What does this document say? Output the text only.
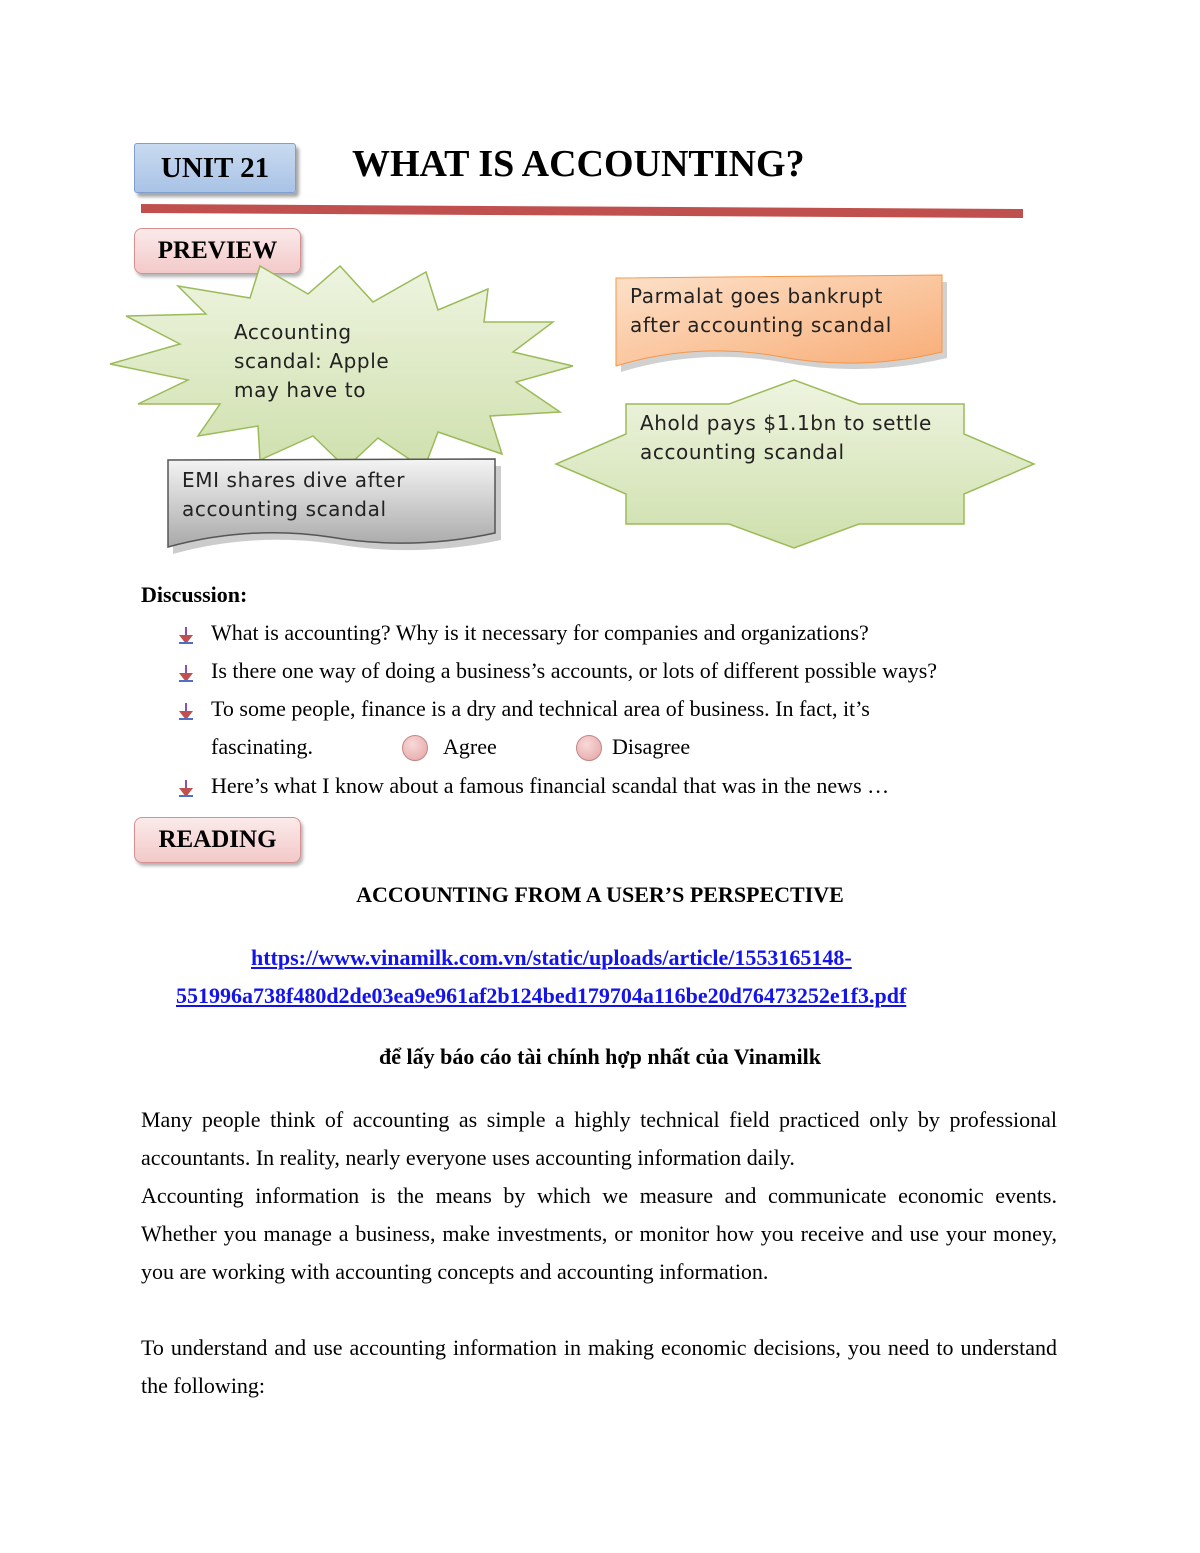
UNIT 21 WHAT IS ACCOUNTING?
PREVIEW
Accounting
scandal: Apple
may have to
Parmalat goes bankrupt
after accounting scandal
Ahold pays $1.1bn to settle
accounting scandal
EMI shares dive after
accounting scandal
Discussion:
What is accounting? Why is it necessary for companies and organizations?
Is there one way of doing a business’s accounts, or lots of different possible ways?
To some people, finance is a dry and technical area of business. In fact, it’s
fascinating.	Agree	Disagree
Here’s what I know about a famous financial scandal that was in the news …
READING
ACCOUNTING FROM A USER’S PERSPECTIVE
https://www.vinamilk.com.vn/static/uploads/article/1553165148-
551996a738f480d2de03ea9e961af2b124bed179704a116be20d76473252e1f3.pdf
để lấy báo cáo tài chính hợp nhất của Vinamilk

Many people think of accounting as simple a highly technical field practiced only by professional accountants. In reality, nearly everyone uses accounting information daily.

Accounting information is the means by which we measure and communicate economic events. Whether you manage a business, make investments, or monitor how you receive and use your money, you are working with accounting concepts and accounting information.

To understand and use accounting information in making economic decisions, you need to understand the following:
